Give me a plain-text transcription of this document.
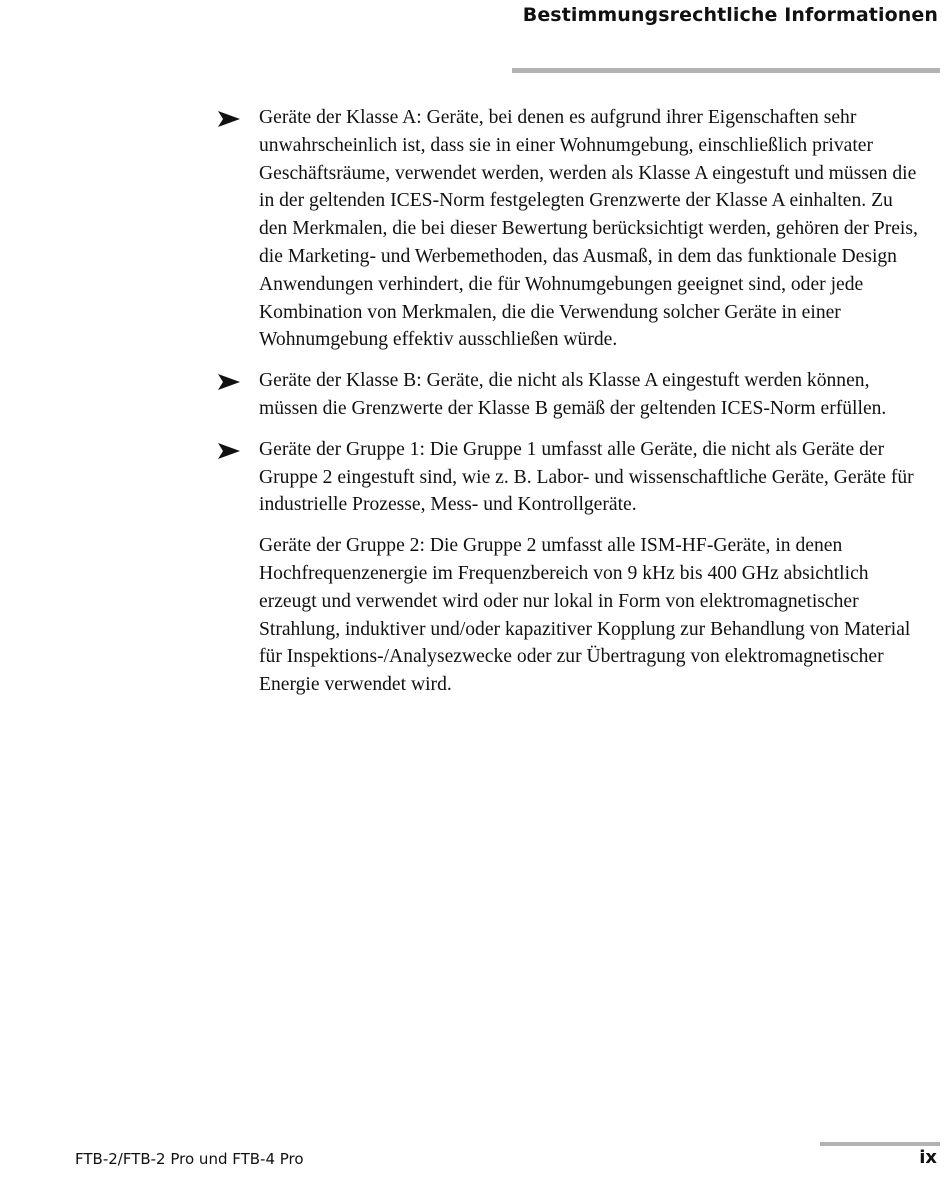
Bestimmungsrechtliche Informationen
Geräte der Klasse A: Geräte, bei denen es aufgrund ihrer Eigenschaften sehr unwahrscheinlich ist, dass sie in einer Wohnumgebung, einschließlich privater Geschäftsräume, verwendet werden, werden als Klasse A eingestuft und müssen die in der geltenden ICES-Norm festgelegten Grenzwerte der Klasse A einhalten. Zu den Merkmalen, die bei dieser Bewertung berücksichtigt werden, gehören der Preis, die Marketing- und Werbemethoden, das Ausmaß, in dem das funktionale Design Anwendungen verhindert, die für Wohnumgebungen geeignet sind, oder jede Kombination von Merkmalen, die die Verwendung solcher Geräte in einer Wohnumgebung effektiv ausschließen würde.
Geräte der Klasse B: Geräte, die nicht als Klasse A eingestuft werden können, müssen die Grenzwerte der Klasse B gemäß der geltenden ICES-Norm erfüllen.
Geräte der Gruppe 1: Die Gruppe 1 umfasst alle Geräte, die nicht als Geräte der Gruppe 2 eingestuft sind, wie z. B. Labor- und wissenschaftliche Geräte, Geräte für industrielle Prozesse, Mess- und Kontrollgeräte.
Geräte der Gruppe 2: Die Gruppe 2 umfasst alle ISM-HF-Geräte, in denen Hochfrequenzenergie im Frequenzbereich von 9 kHz bis 400 GHz absichtlich erzeugt und verwendet wird oder nur lokal in Form von elektromagnetischer Strahlung, induktiver und/oder kapazitiver Kopplung zur Behandlung von Material für Inspektions-/Analysezwecke oder zur Übertragung von elektromagnetischer Energie verwendet wird.
FTB-2/FTB-2 Pro und FTB-4 Pro	ix
